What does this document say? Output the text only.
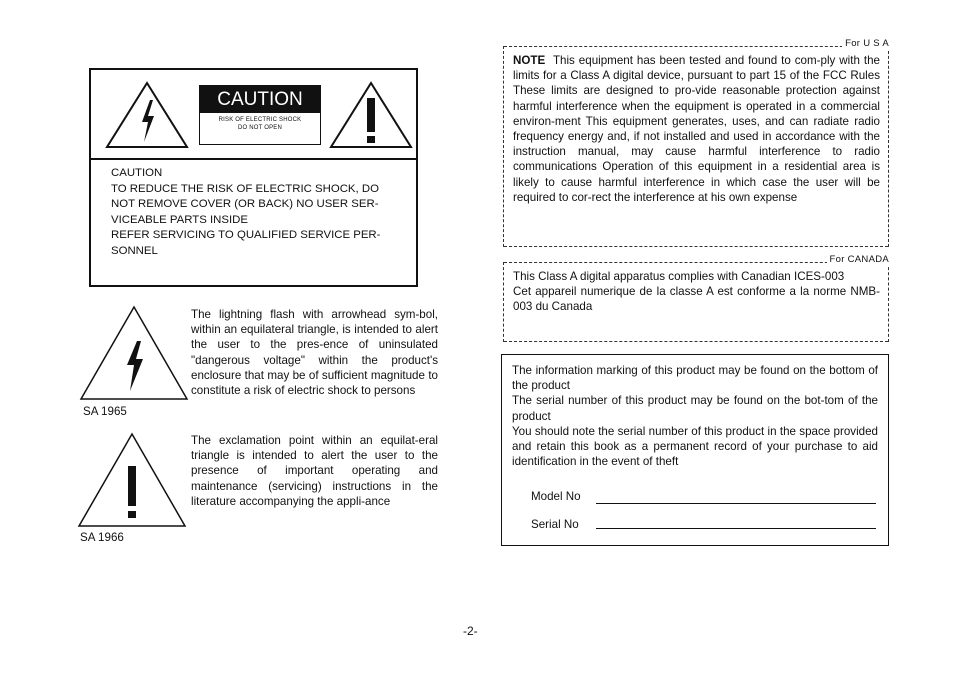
CAUTION
RISK OF ELECTRIC SHOCK
DO NOT OPEN
CAUTION
TO REDUCE THE RISK OF ELECTRIC SHOCK, DO
NOT REMOVE COVER (OR BACK) NO USER SER-
VICEABLE PARTS INSIDE
REFER SERVICING TO QUALIFIED SERVICE PER-
SONNEL
SA 1965
The lightning flash with arrowhead sym-bol, within an equilateral triangle, is intended to alert the user to the pres-ence of uninsulated "dangerous voltage" within the product's enclosure that may be of sufficient magnitude to constitute a risk of electric shock to persons
SA 1966
The exclamation point within an equilat-eral triangle is intended to alert the user to the presence of important operating and maintenance (servicing) instructions in the literature accompanying the appli-ance
For U S A
NOTE This equipment has been tested and found to com-ply with the limits for a Class A digital device, pursuant to part 15 of the FCC Rules These limits are designed to pro-vide reasonable protection against harmful interference when the equipment is operated in a commercial environ-ment This equipment generates, uses, and can radiate radio frequency energy and, if not installed and used in accordance with the instruction manual, may cause harmful interference to radio communications Operation of this equipment in a residential area is likely to cause harmful interference in which case the user will be required to cor-rect the interference at his own expense
For CANADA
This Class A digital apparatus complies with Canadian ICES-003
Cet appareil numerique de la classe A est conforme a la norme NMB-003 du Canada
The information marking of this product may be found on the bottom of the product
The serial number of this product may be found on the bot-tom of the product
You should note the serial number of this product in the space provided and retain this book as a permanent record of your purchase to aid identification in the event of theft
Model No
Serial No
-2-
